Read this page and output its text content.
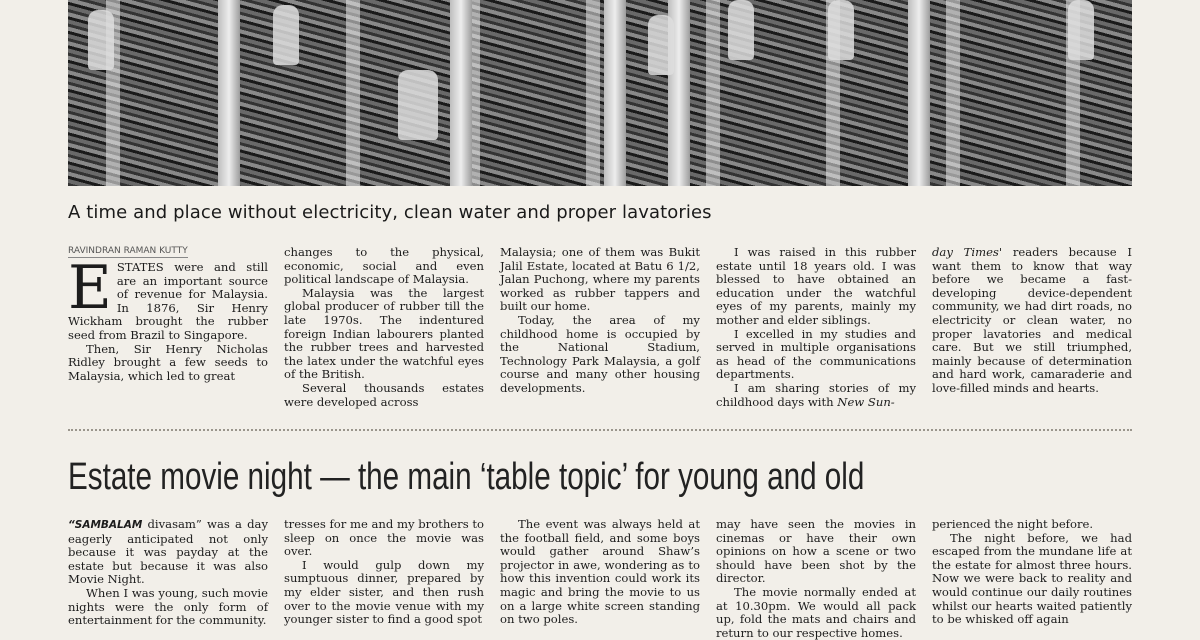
A time and place without electricity, clean water and proper lavatories

RAVINDRAN RAMAN KUTTY
E STATES were and still are an important source of revenue for Malaysia. In 1876, Sir Henry Wickham brought the rubber seed from Brazil to Singapore.

Then, Sir Henry Nicholas Ridley brought a few seeds to Malaysia, which led to great

changes to the physical, economic, social and even political landscape of Malaysia.

Malaysia was the largest global producer of rubber till the late 1970s. The indentured foreign Indian labourers planted the rubber trees and harvested the latex under the watchful eyes of the British.

Several thousands estates were developed across

Malaysia; one of them was Bukit Jalil Estate, located at Batu 6 1/2, Jalan Puchong, where my parents worked as rubber tappers and built our home.

Today, the area of my childhood home is occupied by the National Stadium, Technology Park Malaysia, a golf course and many other housing developments.

I was raised in this rubber estate until 18 years old. I was blessed to have obtained an education under the watchful eyes of my parents, mainly my mother and elder siblings.

I excelled in my studies and served in multiple organisations as head of the communications departments.

I am sharing stories of my childhood days with New Sun-

day Times' readers because I want them to know that way before we became a fast-developing device-dependent community, we had dirt roads, no electricity or clean water, no proper lavatories and medical care. But we still triumphed, mainly because of determination and hard work, camaraderie and love-filled minds and hearts.

Estate movie night — the main ‘table topic’ for young and old

“SAMBALAM divasam” was a day eagerly anticipated not only because it was payday at the estate but because it was also Movie Night.

When I was young, such movie nights were the only form of entertainment for the community.

tresses for me and my brothers to sleep on once the movie was over.

I would gulp down my sumptuous dinner, prepared by my elder sister, and then rush over to the movie venue with my younger sister to find a good spot

The event was always held at the football field, and some boys would gather around Shaw’s projector in awe, wondering as to how this invention could work its magic and bring the movie to us on a large white screen standing on two poles.

may have seen the movies in cinemas or have their own opinions on how a scene or two should have been shot by the director.

The movie normally ended at at 10.30pm. We would all pack up, fold the mats and chairs and return to our respective homes.

perienced the night before.

The night before, we had escaped from the mundane life at the estate for almost three hours. Now we were back to reality and would continue our daily routines whilst our hearts waited patiently to be whisked off again
